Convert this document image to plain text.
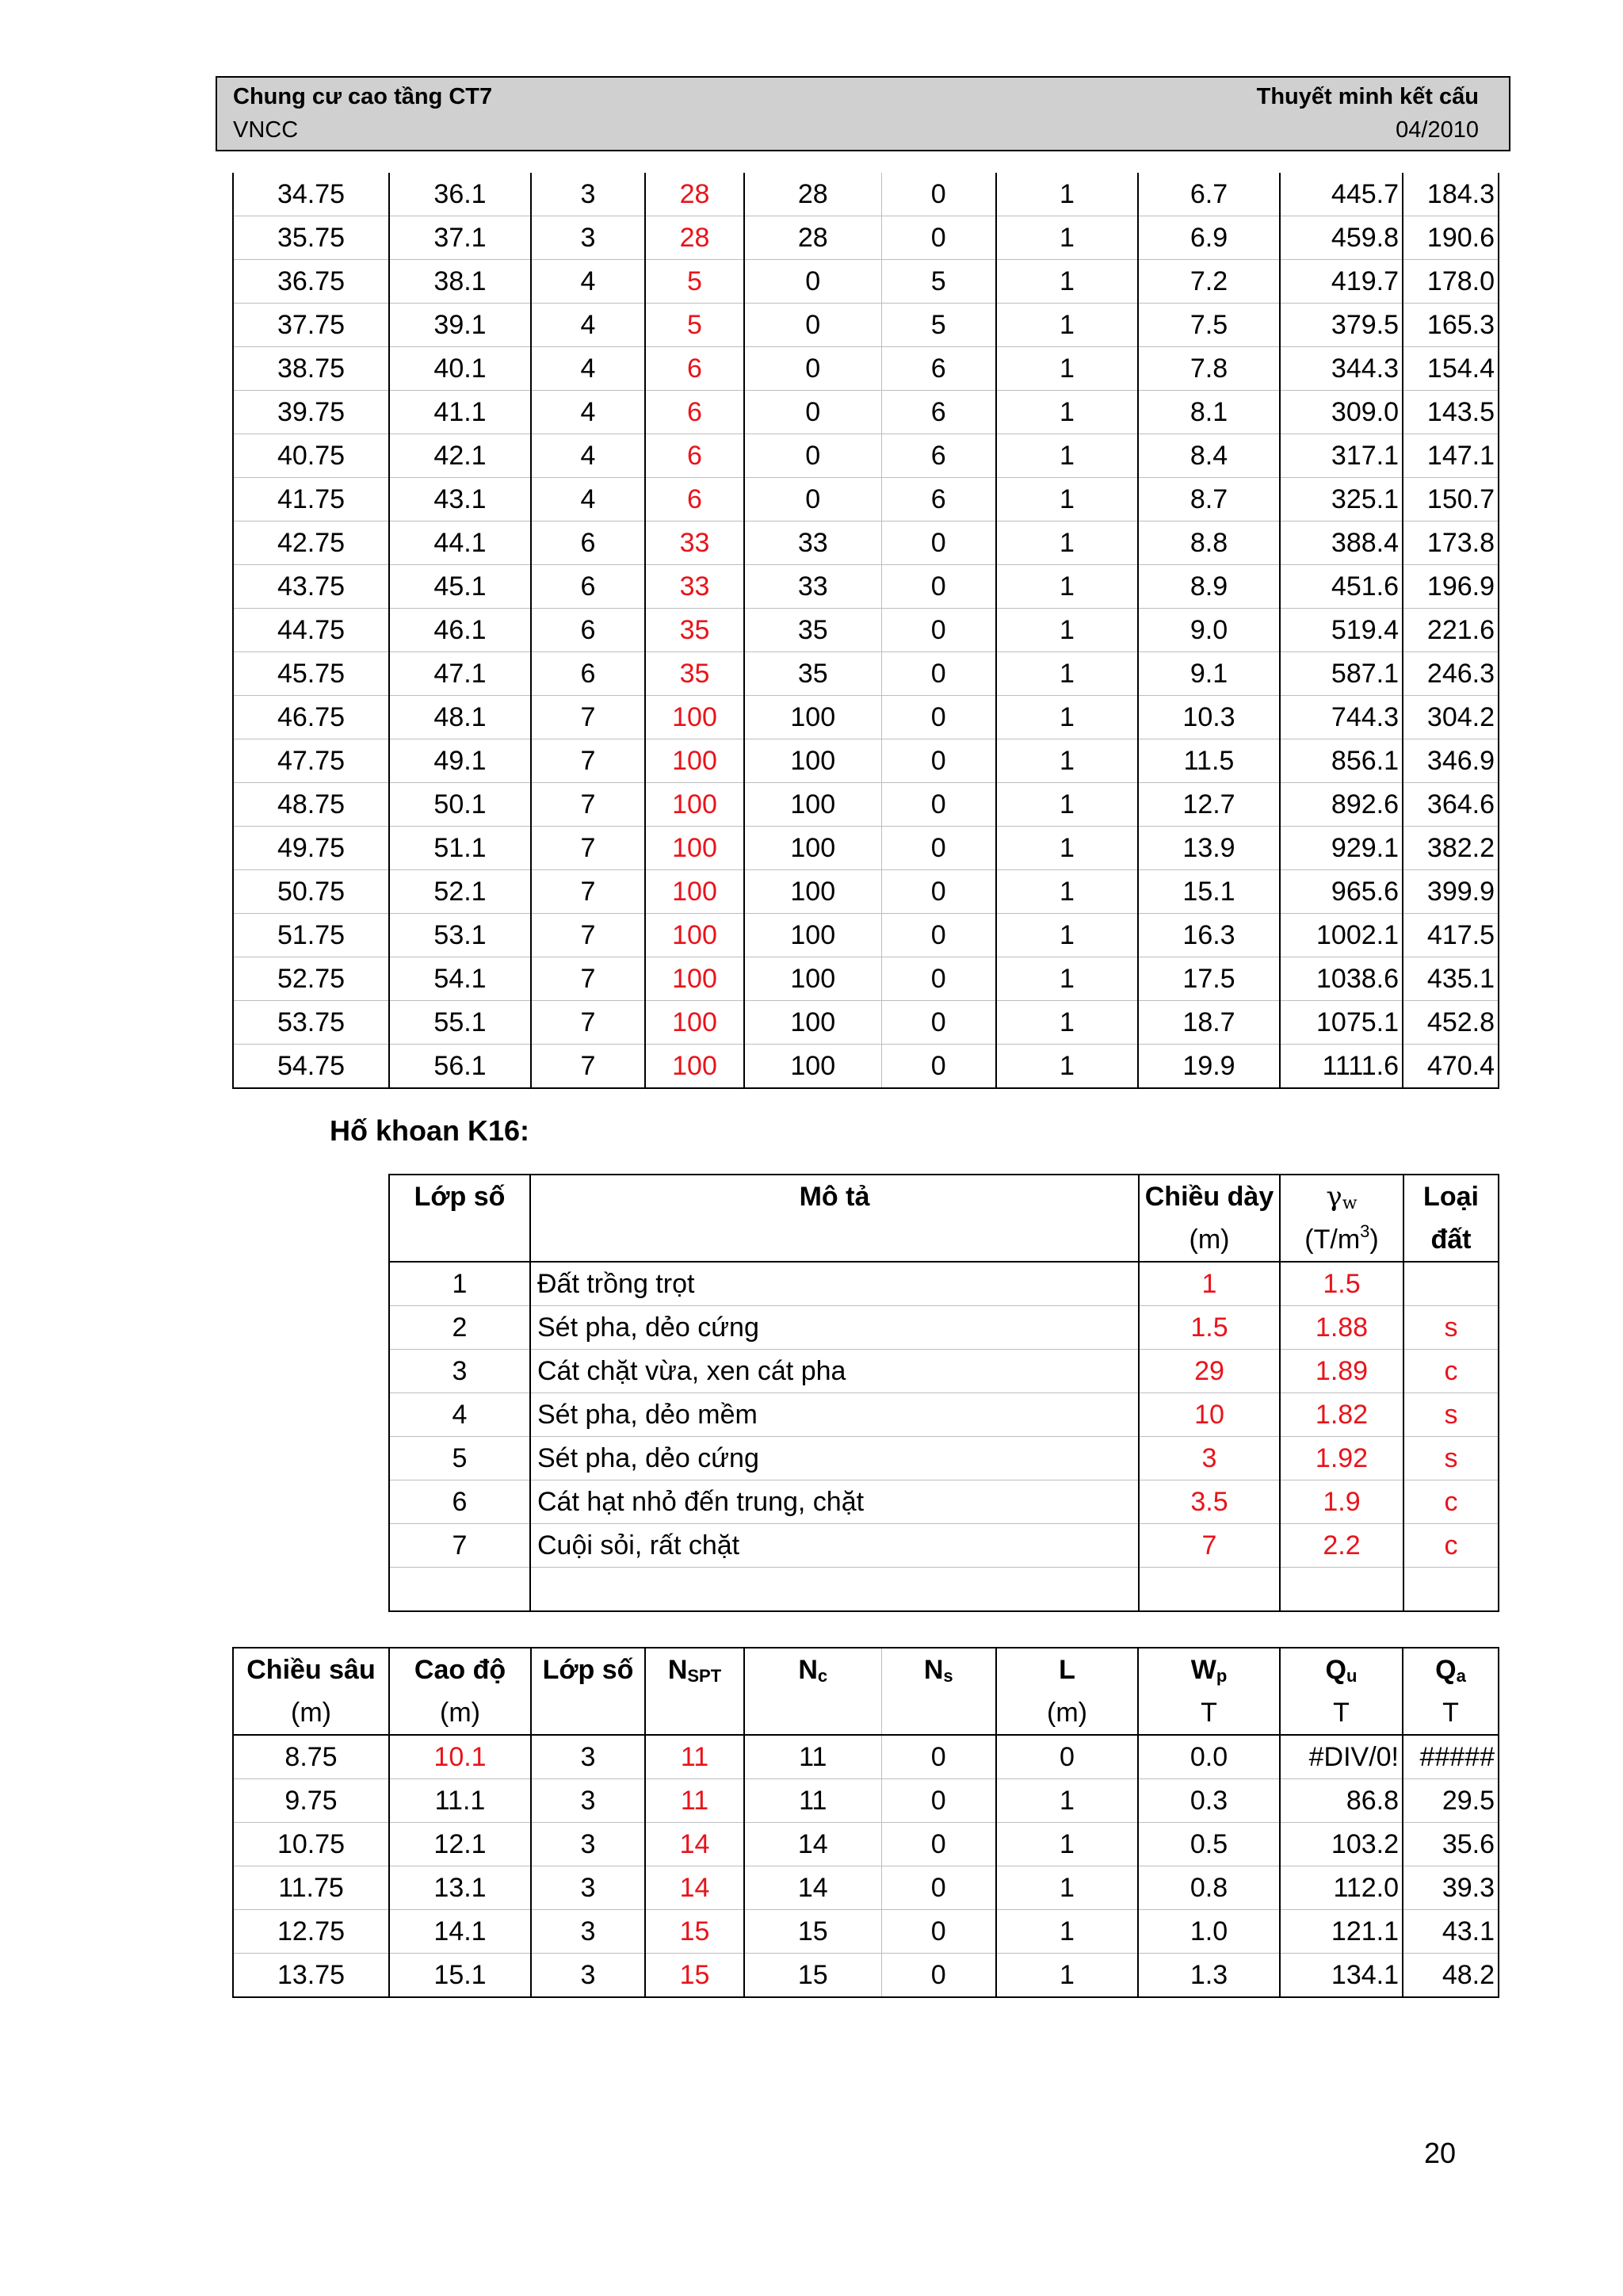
Chung cư cao tầng CT7
VNCC
Thuyết minh kết cấu
04/2010
34.75	36.1	3	28	28	0	1	6.7	445.7	184.3
35.75	37.1	3	28	28	0	1	6.9	459.8	190.6
36.75	38.1	4	5	0	5	1	7.2	419.7	178.0
37.75	39.1	4	5	0	5	1	7.5	379.5	165.3
38.75	40.1	4	6	0	6	1	7.8	344.3	154.4
39.75	41.1	4	6	0	6	1	8.1	309.0	143.5
40.75	42.1	4	6	0	6	1	8.4	317.1	147.1
41.75	43.1	4	6	0	6	1	8.7	325.1	150.7
42.75	44.1	6	33	33	0	1	8.8	388.4	173.8
43.75	45.1	6	33	33	0	1	8.9	451.6	196.9
44.75	46.1	6	35	35	0	1	9.0	519.4	221.6
45.75	47.1	6	35	35	0	1	9.1	587.1	246.3
46.75	48.1	7	100	100	0	1	10.3	744.3	304.2
47.75	49.1	7	100	100	0	1	11.5	856.1	346.9
48.75	50.1	7	100	100	0	1	12.7	892.6	364.6
49.75	51.1	7	100	100	0	1	13.9	929.1	382.2
50.75	52.1	7	100	100	0	1	15.1	965.6	399.9
51.75	53.1	7	100	100	0	1	16.3	1002.1	417.5
52.75	54.1	7	100	100	0	1	17.5	1038.6	435.1
53.75	55.1	7	100	100	0	1	18.7	1075.1	452.8
54.75	56.1	7	100	100	0	1	19.9	1111.6	470.4
Hố khoan K16:
Lớp số	Mô tả	Chiều dày	$\gamma_w$	Loại
		(m)	$(T/m^3)$	đất
1	Đất trồng trọt	1	1.5	
2	Sét pha, dẻo cứng	1.5	1.88	s
3	Cát chặt vừa, xen cát pha	29	1.89	c
4	Sét pha, dẻo mềm	10	1.82	s
5	Sét pha, dẻo cứng	3	1.92	s
6	Cát hạt nhỏ đến trung, chặt	3.5	1.9	c
7	Cuội sỏi, rất chặt	7	2.2	c

Chiều sâu	Cao độ	Lớp số	$N_{SPT}$	$N_c$	$N_s$	L	$W_p$	$Q_u$	$Q_a$
(m)	(m)					(m)	T	T	T
8.75	10.1	3	11	11	0	0	0.0	#DIV/0!	#####
9.75	11.1	3	11	11	0	1	0.3	86.8	29.5
10.75	12.1	3	14	14	0	1	0.5	103.2	35.6
11.75	13.1	3	14	14	0	1	0.8	112.0	39.3
12.75	14.1	3	15	15	0	1	1.0	121.1	43.1
13.75	15.1	3	15	15	0	1	1.3	134.1	48.2
20
